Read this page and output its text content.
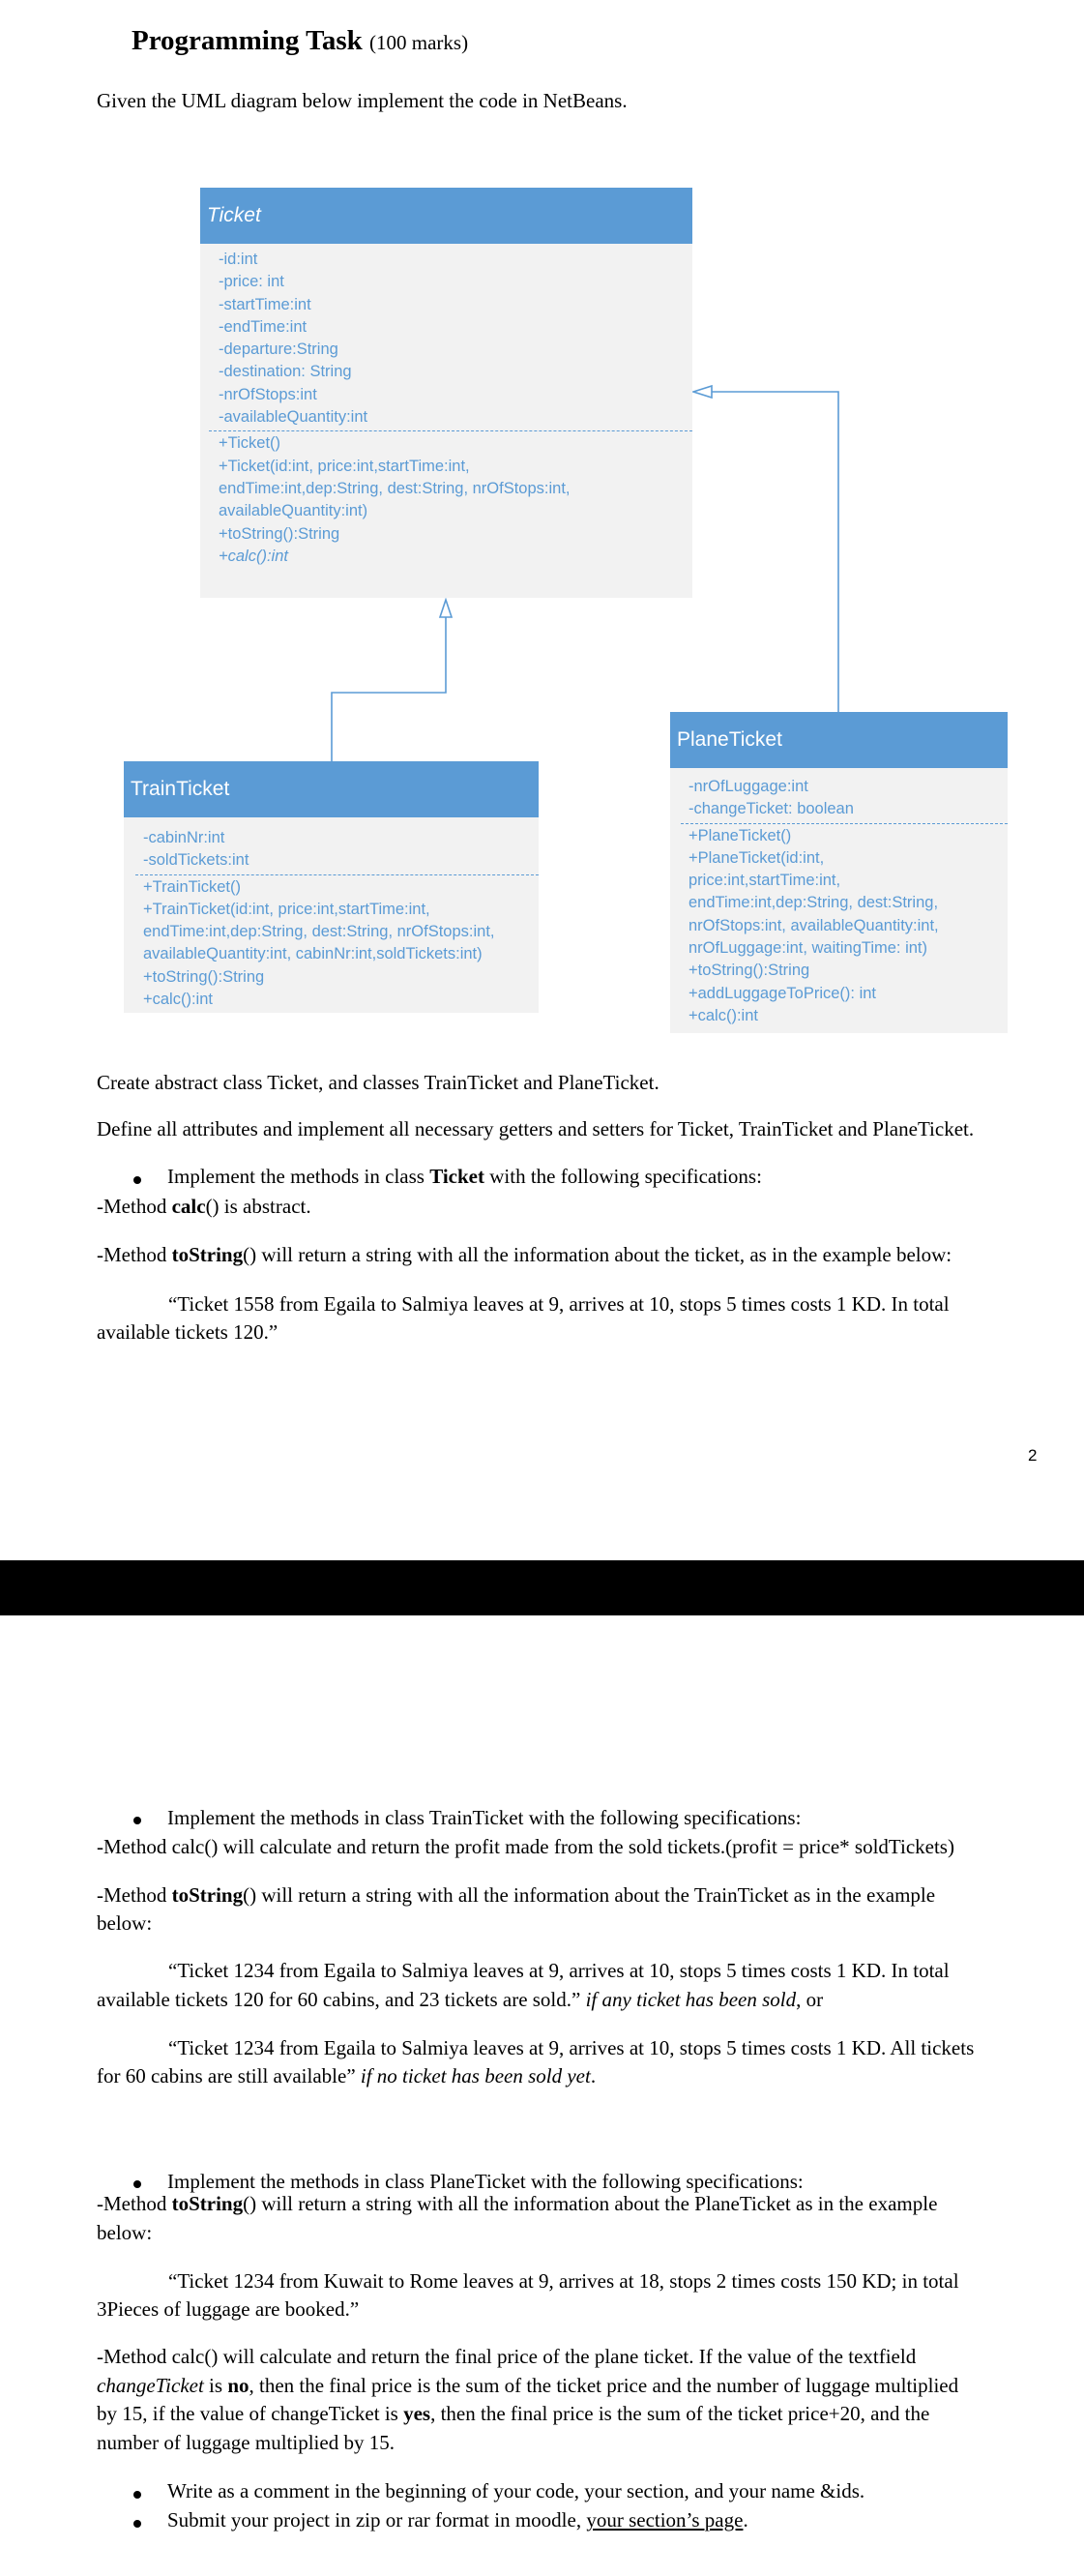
Programming Task (100 marks)
Given the UML diagram below implement the code in NetBeans.
Ticket
-id:int
-price: int
-startTime:int
-endTime:int
-departure:String
-destination: String
-nrOfStops:int
-availableQuantity:int
+Ticket()
+Ticket(id:int, price:int,startTime:int,
endTime:int,dep:String, dest:String, nrOfStops:int,
availableQuantity:int)
+toString():String
+calc():int
TrainTicket
-cabinNr:int
-soldTickets:int
+TrainTicket()
+TrainTicket(id:int, price:int,startTime:int,
endTime:int,dep:String, dest:String, nrOfStops:int,
availableQuantity:int, cabinNr:int,soldTickets:int)
+toString():String
+calc():int
PlaneTicket
-nrOfLuggage:int
-changeTicket: boolean
+PlaneTicket()
+PlaneTicket(id:int,
price:int,startTime:int,
endTime:int,dep:String, dest:String,
nrOfStops:int, availableQuantity:int,
nrOfLuggage:int, waitingTime: int)
+toString():String
+addLuggageToPrice(): int
+calc():int
Create abstract class Ticket, and classes TrainTicket and PlaneTicket.
Define all attributes and implement all necessary getters and setters for Ticket, TrainTicket and PlaneTicket.
Implement the methods in class Ticket with the following specifications:
-Method calc() is abstract.
-Method toString() will return a string with all the information about the ticket, as in the example below:
“Ticket 1558 from Egaila to Salmiya leaves at 9, arrives at 10, stops 5 times costs 1 KD. In total
available tickets 120.”
2
Implement the methods in class TrainTicket with the following specifications:
-Method calc() will calculate and return the profit made from the sold tickets.(profit = price* soldTickets)
-Method toString() will return a string with all the information about the TrainTicket as in the example
below:
“Ticket 1234 from Egaila to Salmiya leaves at 9, arrives at 10, stops 5 times costs 1 KD. In total
available tickets 120 for 60 cabins, and 23 tickets are sold.” if any ticket has been sold, or
“Ticket 1234 from Egaila to Salmiya leaves at 9, arrives at 10, stops 5 times costs 1 KD. All tickets
for 60 cabins are still available” if no ticket has been sold yet.
Implement the methods in class PlaneTicket with the following specifications:
-Method toString() will return a string with all the information about the PlaneTicket as in the example
below:
“Ticket 1234 from Kuwait to Rome leaves at 9, arrives at 18, stops 2 times costs 150 KD; in total
3Pieces of luggage are booked.”
-Method calc() will calculate and return the final price of the plane ticket. If the value of the textfield
changeTicket is no, then the final price is the sum of the ticket price and the number of luggage multiplied
by 15, if the value of changeTicket is yes, then the final price is the sum of the ticket price+20, and the
number of luggage multiplied by 15.
Write as a comment in the beginning of your code, your section, and your name &ids.
Submit your project in zip or rar format in moodle, your section’s page.
